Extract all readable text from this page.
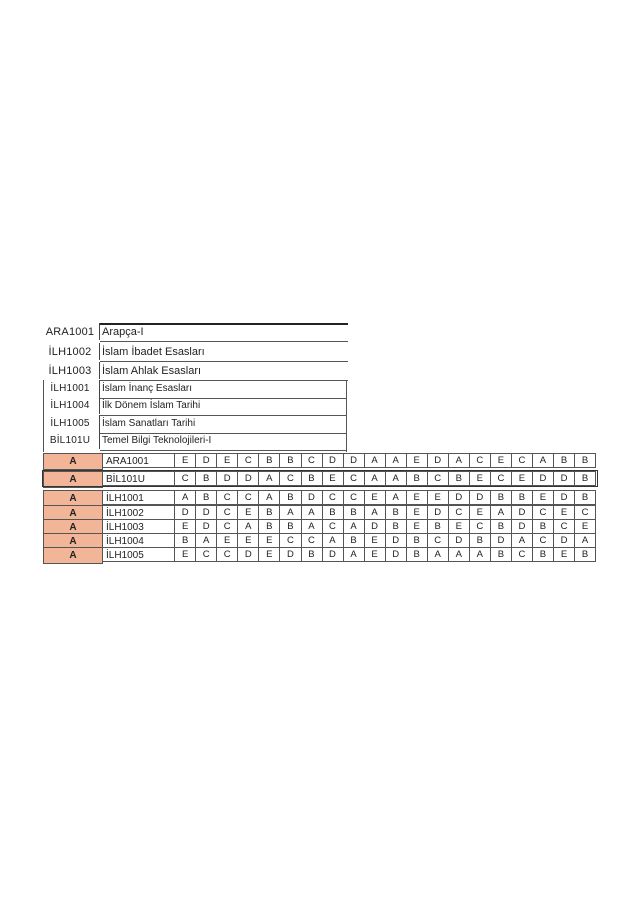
ARA1001 Arapça-I
İLH1002 İslam İbadet Esasları
İLH1003 İslam Ahlak Esasları
İLH1001	İslam İnanç Esasları
İLH1004	İlk Dönem İslam Tarihi
İLH1005	İslam Sanatları Tarihi
BİL101U	Temel Bilgi Teknolojileri-I
A	ARA1001	E	D	E	C	B	B	C	D	D	A	A	E	D	A	C	E	C	A	B	B
A	BİL101U	C	B	D	D	A	C	B	E	C	A	A	B	C	B	E	C	E	D	D	B
A	İLH1001	A	B	C	C	A	B	D	C	C	E	A	E	E	D	D	B	B	E	D	B
A	İLH1002	D	D	C	E	B	A	A	B	B	A	B	E	D	C	E	A	D	C	E	C
A	İLH1003	E	D	C	A	B	B	A	C	A	D	B	E	B	E	C	B	D	B	C	E
A	İLH1004	B	A	E	E	E	C	C	A	B	E	D	B	C	D	B	D	A	C	D	A
A	İLH1005	E	C	C	D	E	D	B	D	A	E	D	B	A	A	A	B	C	B	E	B
